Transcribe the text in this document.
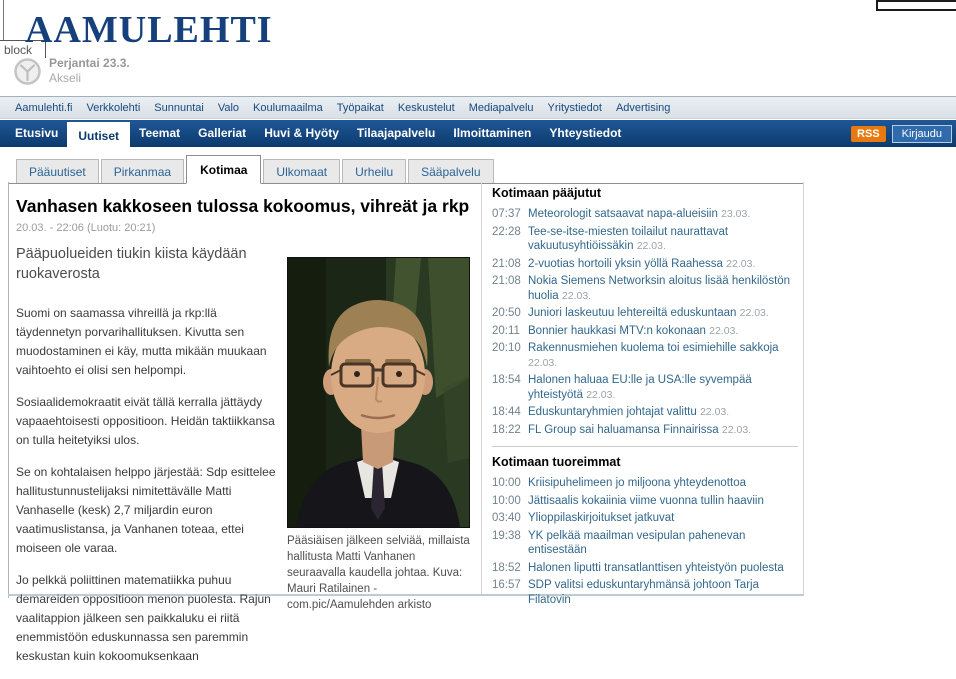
block
AAMULEHTI
Perjantai 23.3.
Akseli
Aamulehti.fi	Verkkolehti	Sunnuntai	Valo	Koulumaailma	Työpaikat	Keskustelut	Mediapalvelu	Yritystiedot	Advertising
Etusivu	Uutiset	Teemat	Galleriat	Huvi & Hyöty	Tilaajapalvelu	Ilmoittaminen	Yhteystiedot	RSS	Kirjaudu
Pääuutiset	Pirkanmaa	Kotimaa	Ulkomaat	Urheilu	Sääpalvelu
Vanhasen kakkoseen tulossa kokoomus, vihreät ja rkp
20.03. - 22:06 (Luotu: 20:21)
Pääpuolueiden tiukin kiista käydään ruokaverosta

Suomi on saamassa vihreillä ja rkp:llä täydennetyn porvarihallituksen. Kivutta sen muodostaminen ei käy, mutta mikään muukaan vaihtoehto ei olisi sen helpompi.

Sosiaalidemokraatit eivät tällä kerralla jättäydy vapaaehtoisesti oppositioon. Heidän taktiikkansa on tulla heitetyiksi ulos.

Se on kohtalaisen helppo järjestää: Sdp esittelee hallitustunnustelijaksi nimitettävälle Matti Vanhaselle (kesk) 2,7 miljardin euron vaatimuslistansa, ja Vanhanen toteaa, ettei moiseen ole varaa.

Jo pelkkä poliittinen matematiikka puhuu demareiden oppositioon menon puolesta. Rajun vaalitappion jälkeen sen paikkaluku ei riitä enemmistöön eduskunnassa sen paremmin keskustan kuin kokoomuksenkaan

Pääsiäisen jälkeen selviää, millaista hallitusta Matti Vanhanen seuraavalla kaudella johtaa. Kuva: Mauri Ratilainen - com.pic/Aamulehden arkisto
Kotimaan pääjutut
07:37 Meteorologit satsaavat napa-alueisiin 23.03.
22:28 Tee-se-itse-miesten toilailut naurattavat vakuutusyhtiöissäkin 22.03.
21:08 2-vuotias hortoili yksin yöllä Raahessa 22.03.
21:08 Nokia Siemens Networksin aloitus lisää henkilöstön huolia 22.03.
20:50 Juniori laskeutuu lehtereiltä eduskuntaan 22.03.
20:11 Bonnier haukkasi MTV:n kokonaan 22.03.
20:10 Rakennusmiehen kuolema toi esimiehille sakkoja 22.03.
18:54 Halonen haluaa EU:lle ja USA:lle syvempää yhteistyötä 22.03.
18:44 Eduskuntaryhmien johtajat valittu 22.03.
18:22 FL Group sai haluamansa Finnairissa 22.03.
Kotimaan tuoreimmat
10:00 Kriisipuhelimeen jo miljoona yhteydenottoa
10:00 Jättisaalis kokaiinia viime vuonna tullin haaviin
03:40 Ylioppilaskirjoitukset jatkuvat
19:38 YK pelkää maailman vesipulan pahenevan entisestään
18:52 Halonen liputti transatlanttisen yhteistyön puolesta
16:57 SDP valitsi eduskuntaryhmänsä johtoon Tarja Filatovin
